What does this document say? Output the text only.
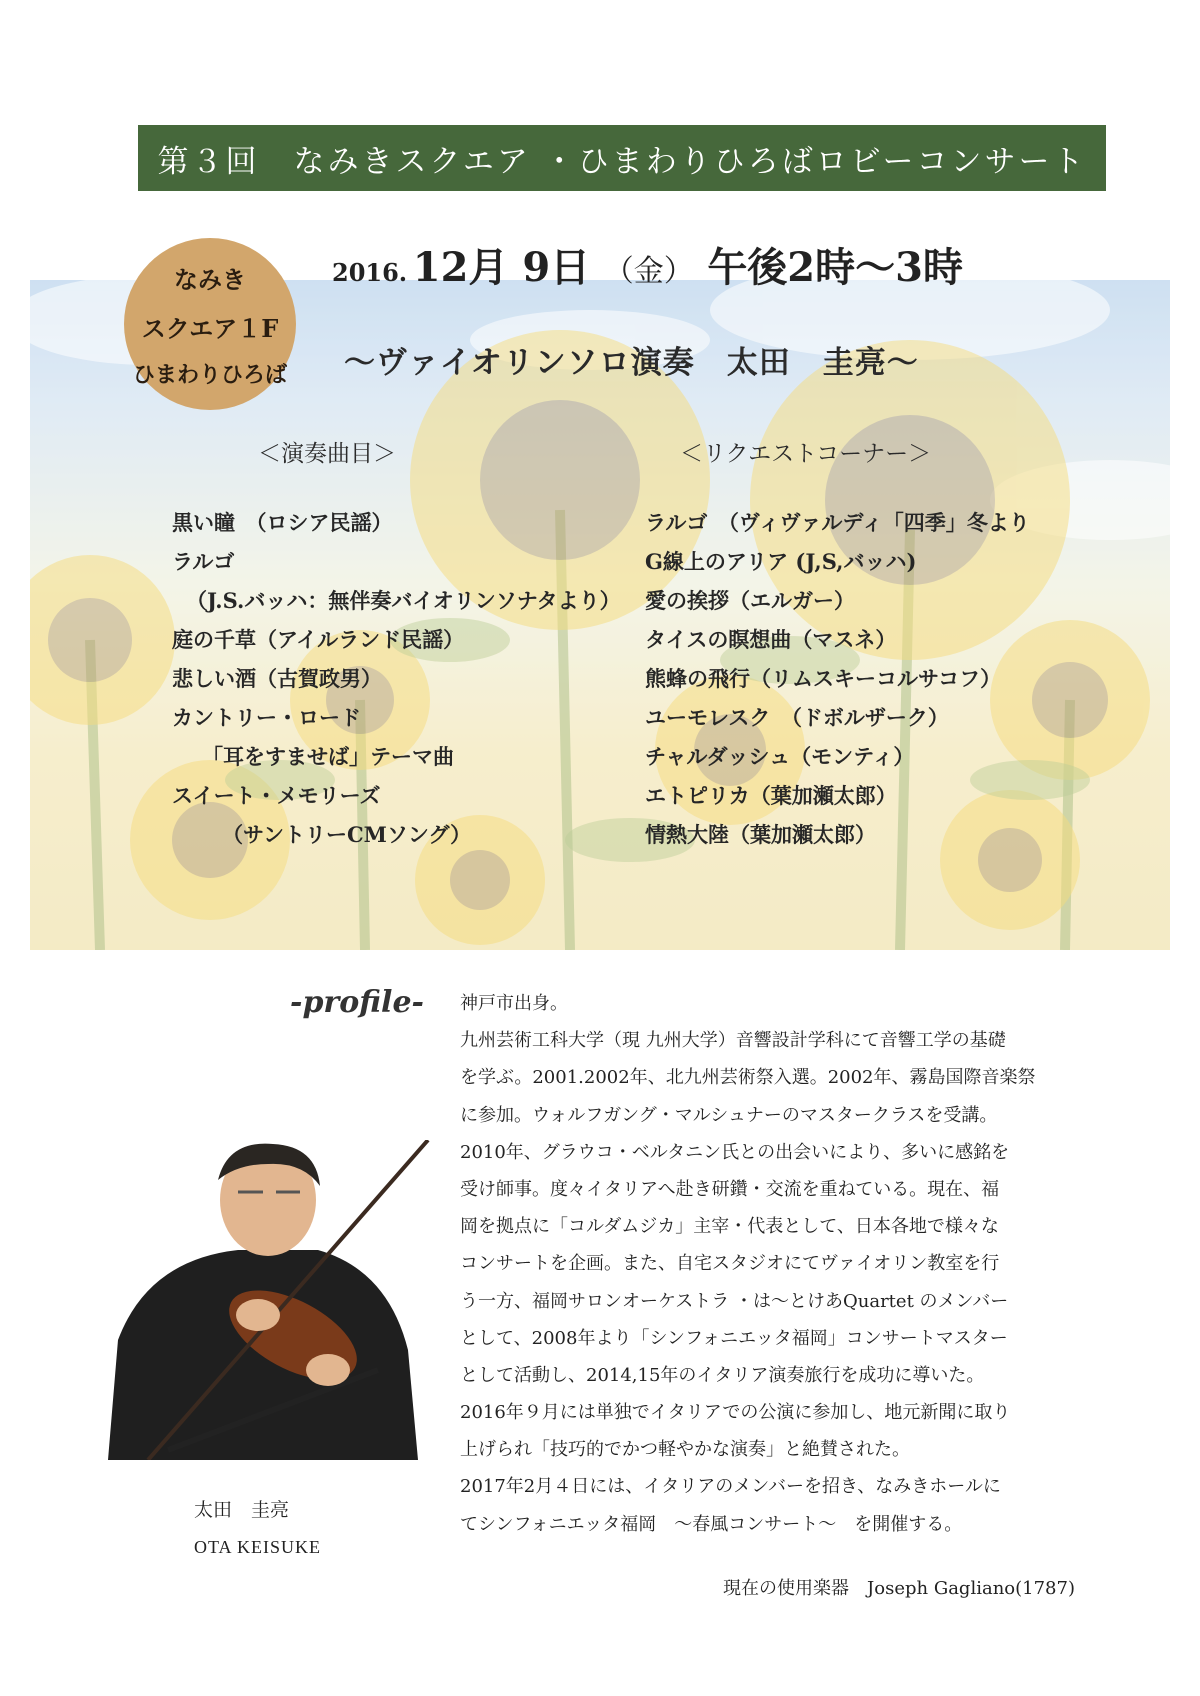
第３回　なみきスクエア ・ひまわりひろばロビーコンサート
2016. 12月 9日 （金） 午後2時～3時
なみき
スクエア１F
ひまわりひろば ～ヴァイオリンソロ演奏　太田　圭亮～
＜演奏曲目＞	＜リクエストコーナー＞
黒い瞳　（ロシア民謡）
ラルゴ
（J.S.バッハ：無伴奏バイオリンソナタより）
庭の千草（アイルランド民謡）
悲しい酒（古賀政男）
カントリー・ロード
「耳をすませば」テーマ曲
スイート・メモリーズ
（サントリーCMソング）
ラルゴ　（ヴィヴァルディ「四季」冬より
G線上のアリア (J,S,バッハ)
愛の挨拶（エルガー）
タイスの瞑想曲（マスネ）
熊蜂の飛行（リムスキーコルサコフ）
ユーモレスク　（ドボルザーク）
チャルダッシュ（モンティ）
エトピリカ（葉加瀬太郎）
情熱大陸（葉加瀬太郎）
-profile- 神戸市出身。
九州芸術工科大学（現 九州大学）音響設計学科にて音響工学の基礎
を学ぶ。2001.2002年、北九州芸術祭入選。2002年、霧島国際音楽祭
に参加。ウォルフガング・マルシュナーのマスタークラスを受講。
2010年、グラウコ・ベルタニン氏との出会いにより、多いに感銘を
受け師事。度々イタリアへ赴き研鑽・交流を重ねている。現在、福
岡を拠点に「コルダムジカ」主宰・代表として、日本各地で様々な
コンサートを企画。また、自宅スタジオにてヴァイオリン教室を行
う一方、福岡サロンオーケストラ ・は～とけあQuartet のメンバー
として、2008年より「シンフォニエッタ福岡」コンサートマスター
として活動し、2014,15年のイタリア演奏旅行を成功に導いた。
2016年９月には単独でイタリアでの公演に参加し、地元新聞に取り
上げられ「技巧的でかつ軽やかな演奏」と絶賛された。
2017年2月４日には、イタリアのメンバーを招き、なみきホールに
てシンフォニエッタ福岡　～春風コンサート～　を開催する。
現在の使用楽器　Joseph Gagliano(1787)
太田　圭亮
OTA KEISUKE
